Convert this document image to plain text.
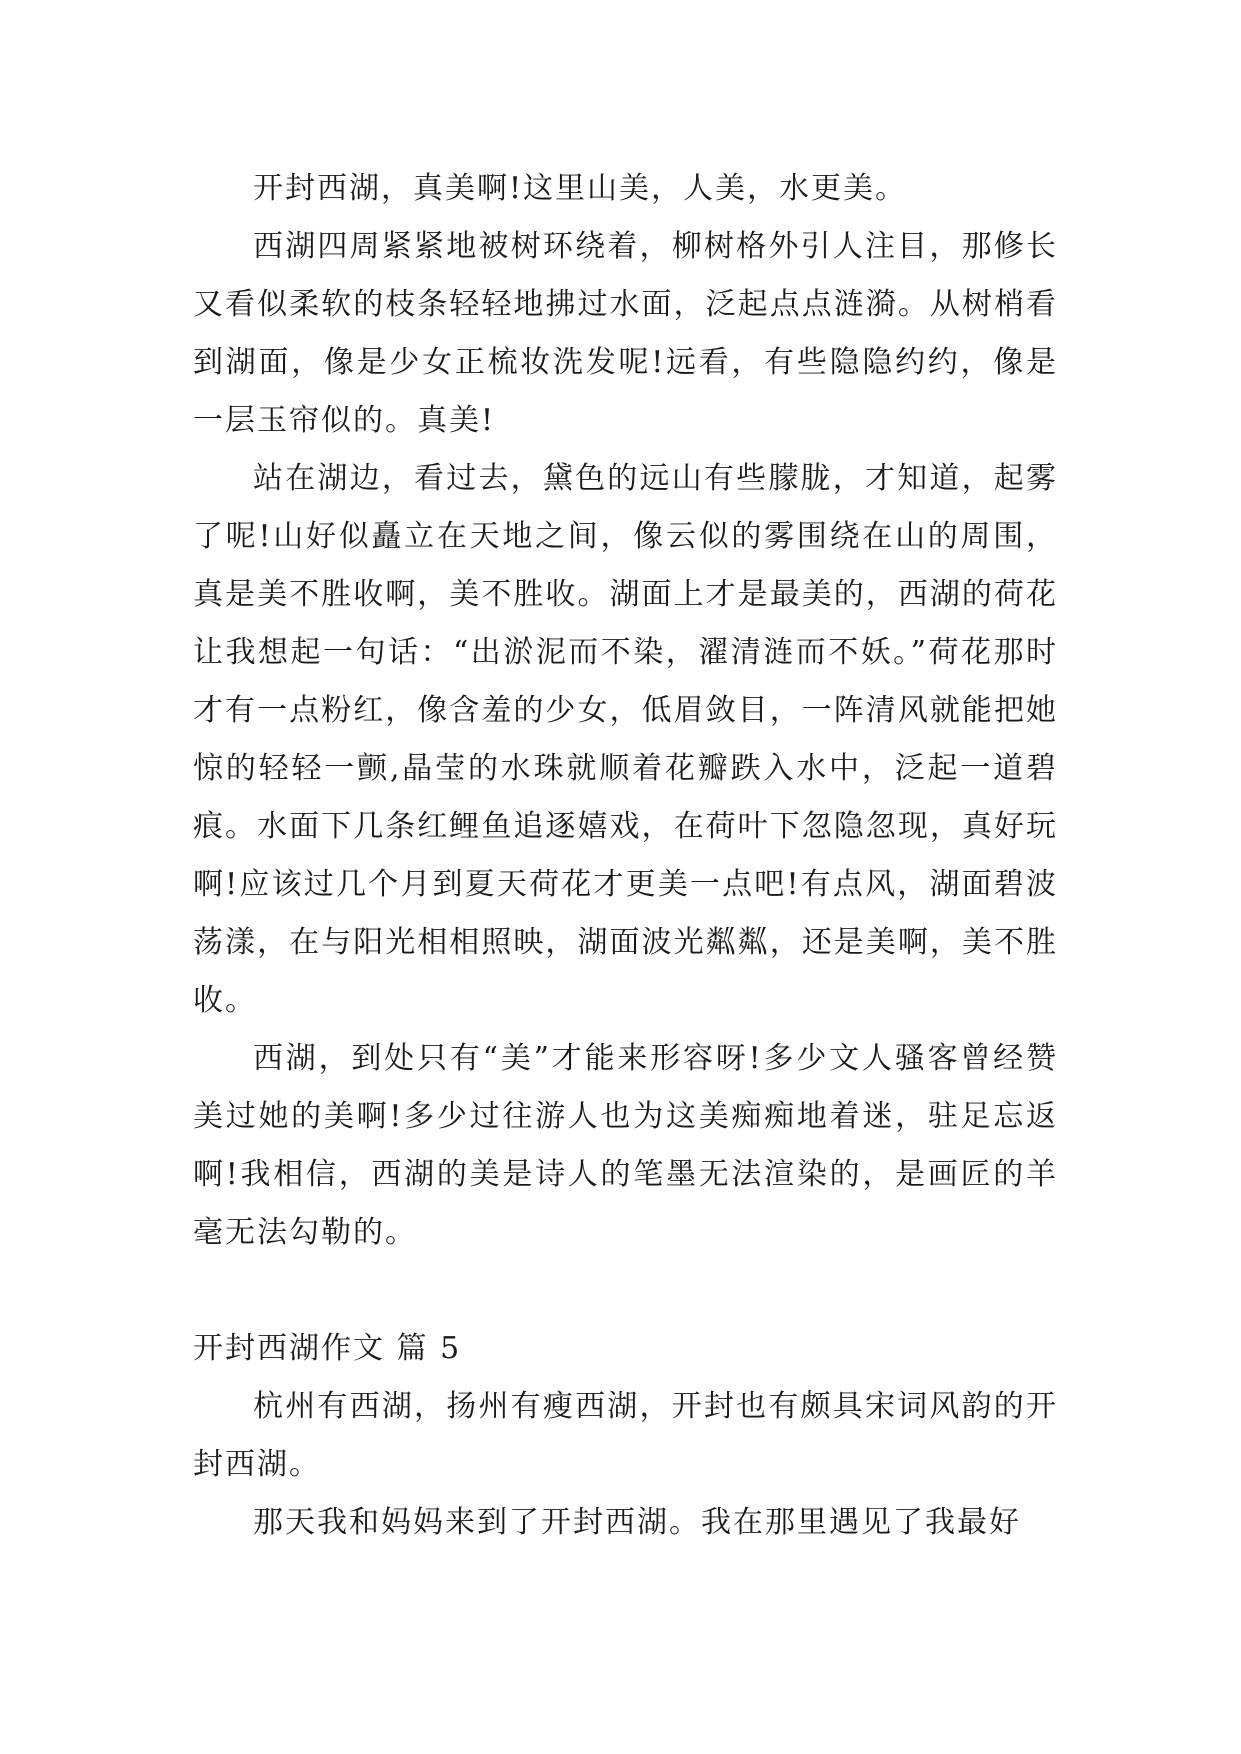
开封西湖，真美啊!这里山美，人美，水更美。

西湖四周紧紧地被树环绕着，柳树格外引人注目，那修长又看似柔软的枝条轻轻地拂过水面，泛起点点涟漪。从树梢看到湖面，像是少女正梳妆洗发呢!远看，有些隐隐约约，像是一层玉帘似的。真美!

站在湖边，看过去，黛色的远山有些朦胧，才知道，起雾了呢!山好似矗立在天地之间，像云似的雾围绕在山的周围，真是美不胜收啊，美不胜收。湖面上才是最美的，西湖的荷花让我想起一句话：“出淤泥而不染，濯清涟而不妖。”荷花那时才有一点粉红，像含羞的少女，低眉敛目，一阵清风就能把她惊的轻轻一颤,晶莹的水珠就顺着花瓣跌入水中，泛起一道碧痕。水面下几条红鲤鱼追逐嬉戏，在荷叶下忽隐忽现，真好玩啊!应该过几个月到夏天荷花才更美一点吧!有点风，湖面碧波荡漾，在与阳光相相照映，湖面波光粼粼，还是美啊，美不胜收。

西湖，到处只有“美”才能来形容呀!多少文人骚客曾经赞美过她的美啊!多少过往游人也为这美痴痴地着迷，驻足忘返啊!我相信，西湖的美是诗人的笔墨无法渲染的，是画匠的羊毫无法勾勒的。

开封西湖作文 篇 5

杭州有西湖，扬州有瘦西湖，开封也有颇具宋词风韵的开封西湖。

那天我和妈妈来到了开封西湖。我在那里遇见了我最好
